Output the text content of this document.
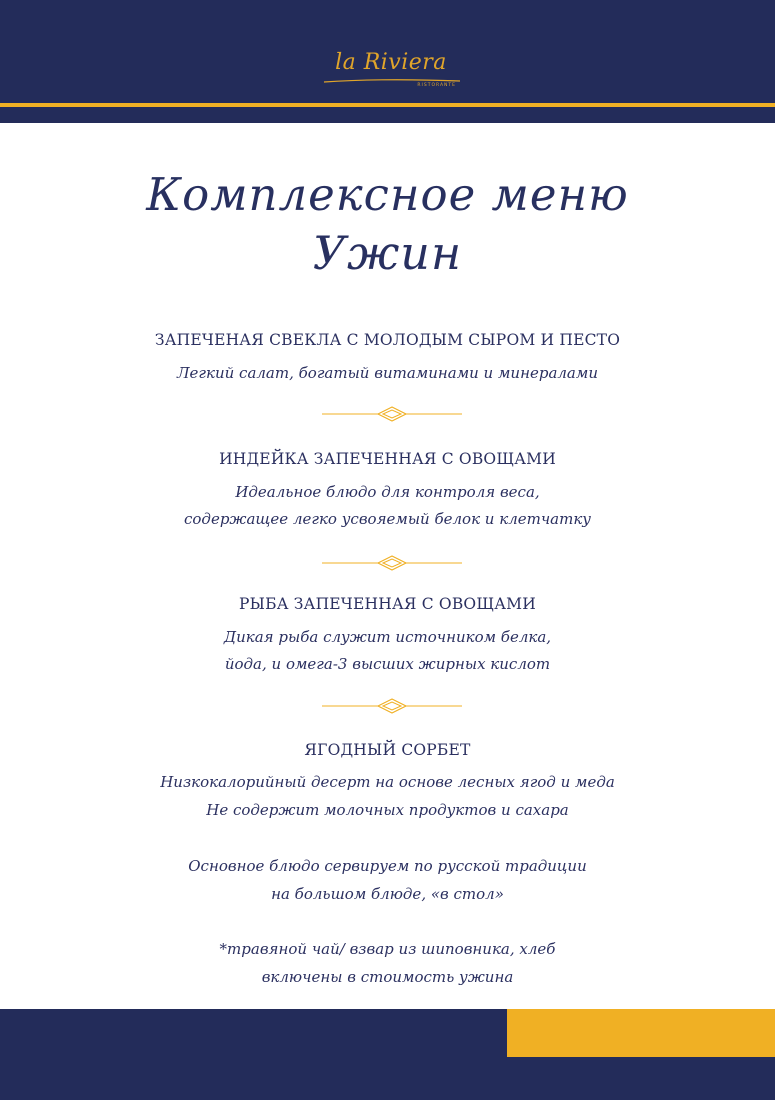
la Riviera
RISTORANTE
Комплексное меню
Ужин
ЗАПЕЧЕНАЯ СВЕКЛА С МОЛОДЫМ СЫРОМ И ПЕСТО
Легкий салат, богатый витаминами и минералами
ИНДЕЙКА ЗАПЕЧЕННАЯ С ОВОЩАМИ
Идеальное блюдо для контроля веса,
содержащее легко усвояемый белок и клетчатку
РЫБА ЗАПЕЧЕННАЯ С ОВОЩАМИ
Дикая рыба служит источником белка,
йода, и омега-3 высших жирных кислот
ЯГОДНЫЙ СОРБЕТ
Низкокалорийный десерт на основе лесных ягод и меда
Не содержит молочных продуктов и сахара
Основное блюдо сервируем по русской традиции
на большом блюде, «в стол»
*травяной чай/ взвар из шиповника, хлеб
включены в стоимость ужина
